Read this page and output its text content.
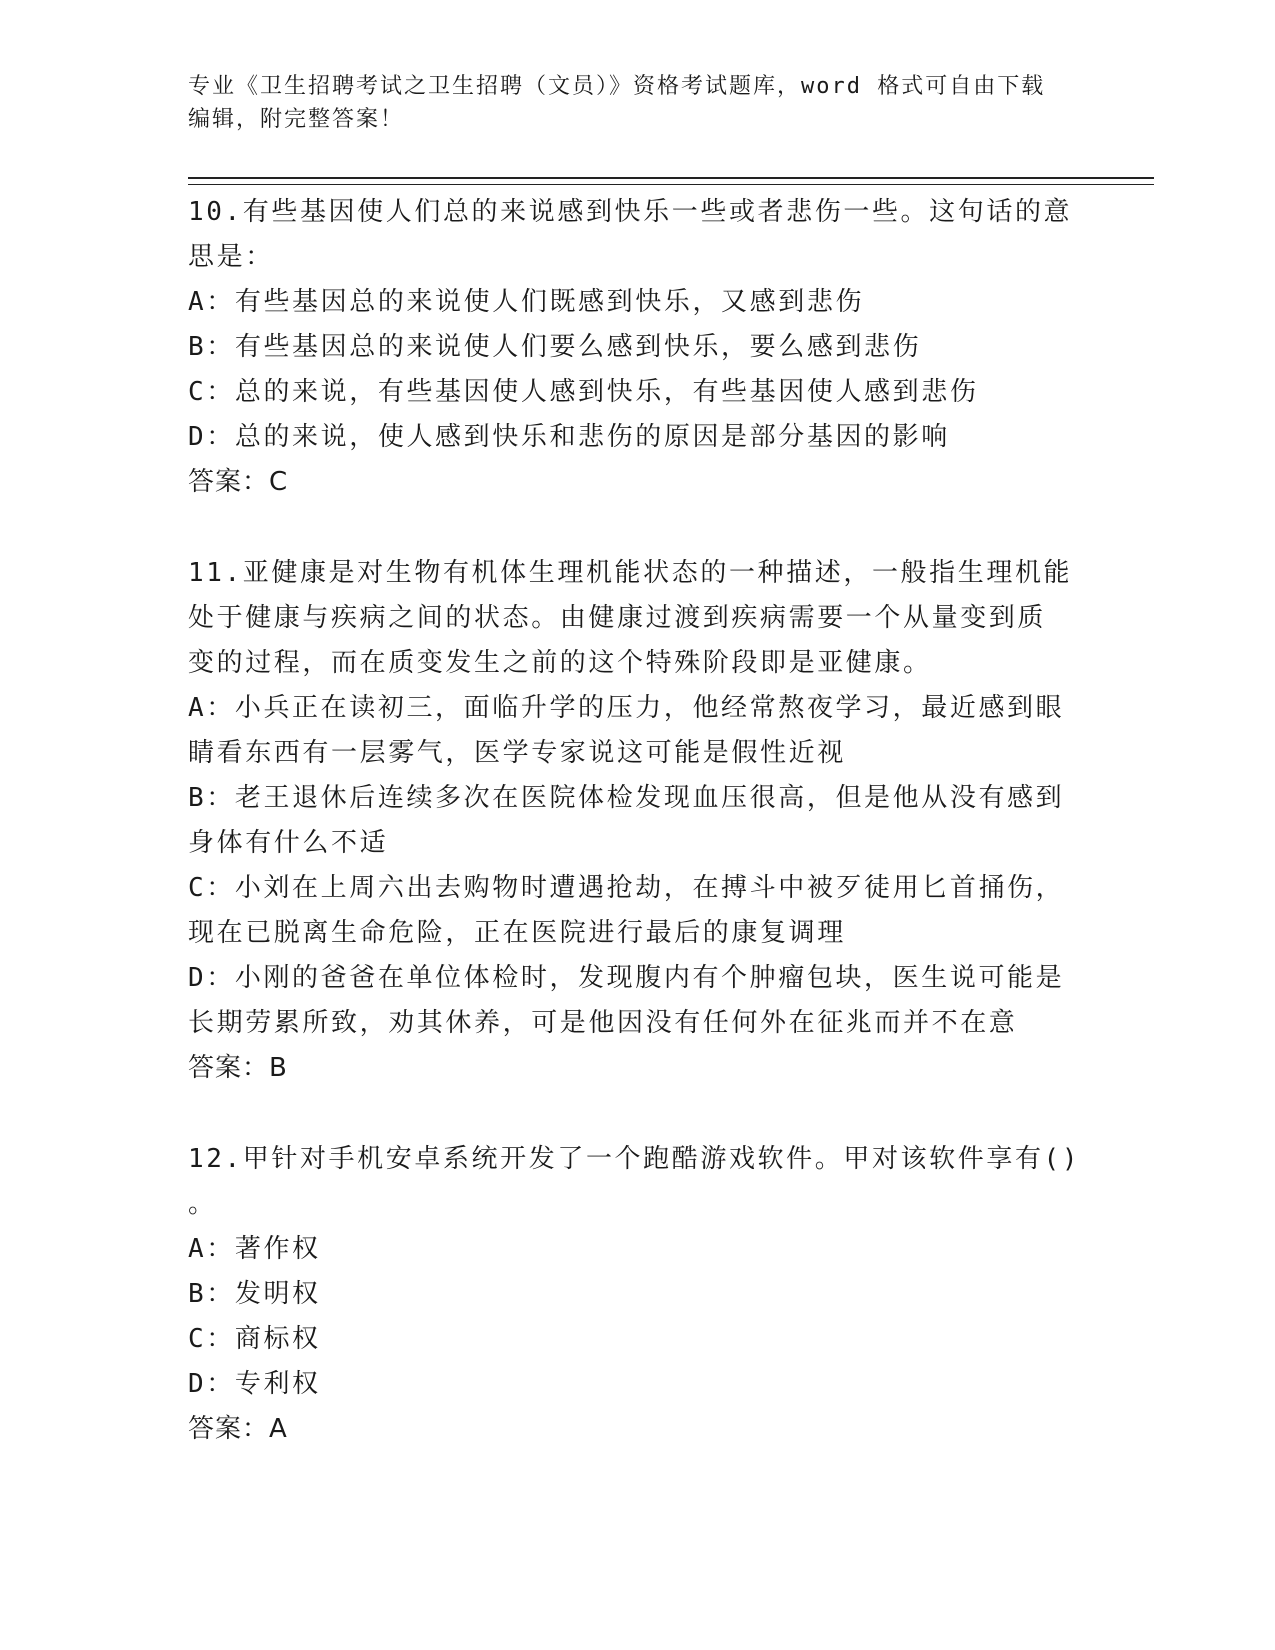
专业《卫生招聘考试之卫生招聘（文员）》资格考试题库，word 格式可自由下载
编辑，附完整答案！
10.有些基因使人们总的来说感到快乐一些或者悲伤一些。这句话的意
思是：
A：有些基因总的来说使人们既感到快乐，又感到悲伤
B：有些基因总的来说使人们要么感到快乐，要么感到悲伤
C：总的来说，有些基因使人感到快乐，有些基因使人感到悲伤
D：总的来说，使人感到快乐和悲伤的原因是部分基因的影响
答案：C
11.亚健康是对生物有机体生理机能状态的一种描述，一般指生理机能
处于健康与疾病之间的状态。由健康过渡到疾病需要一个从量变到质
变的过程，而在质变发生之前的这个特殊阶段即是亚健康。
A：小兵正在读初三，面临升学的压力，他经常熬夜学习，最近感到眼
睛看东西有一层雾气，医学专家说这可能是假性近视
B：老王退休后连续多次在医院体检发现血压很高，但是他从没有感到
身体有什么不适
C：小刘在上周六出去购物时遭遇抢劫，在搏斗中被歹徒用匕首捅伤，
现在已脱离生命危险，正在医院进行最后的康复调理
D：小刚的爸爸在单位体检时，发现腹内有个肿瘤包块，医生说可能是
长期劳累所致，劝其休养，可是他因没有任何外在征兆而并不在意
答案：B
12.甲针对手机安卓系统开发了一个跑酷游戏软件。甲对该软件享有()
。
A：著作权
B：发明权
C：商标权
D：专利权
答案：A
